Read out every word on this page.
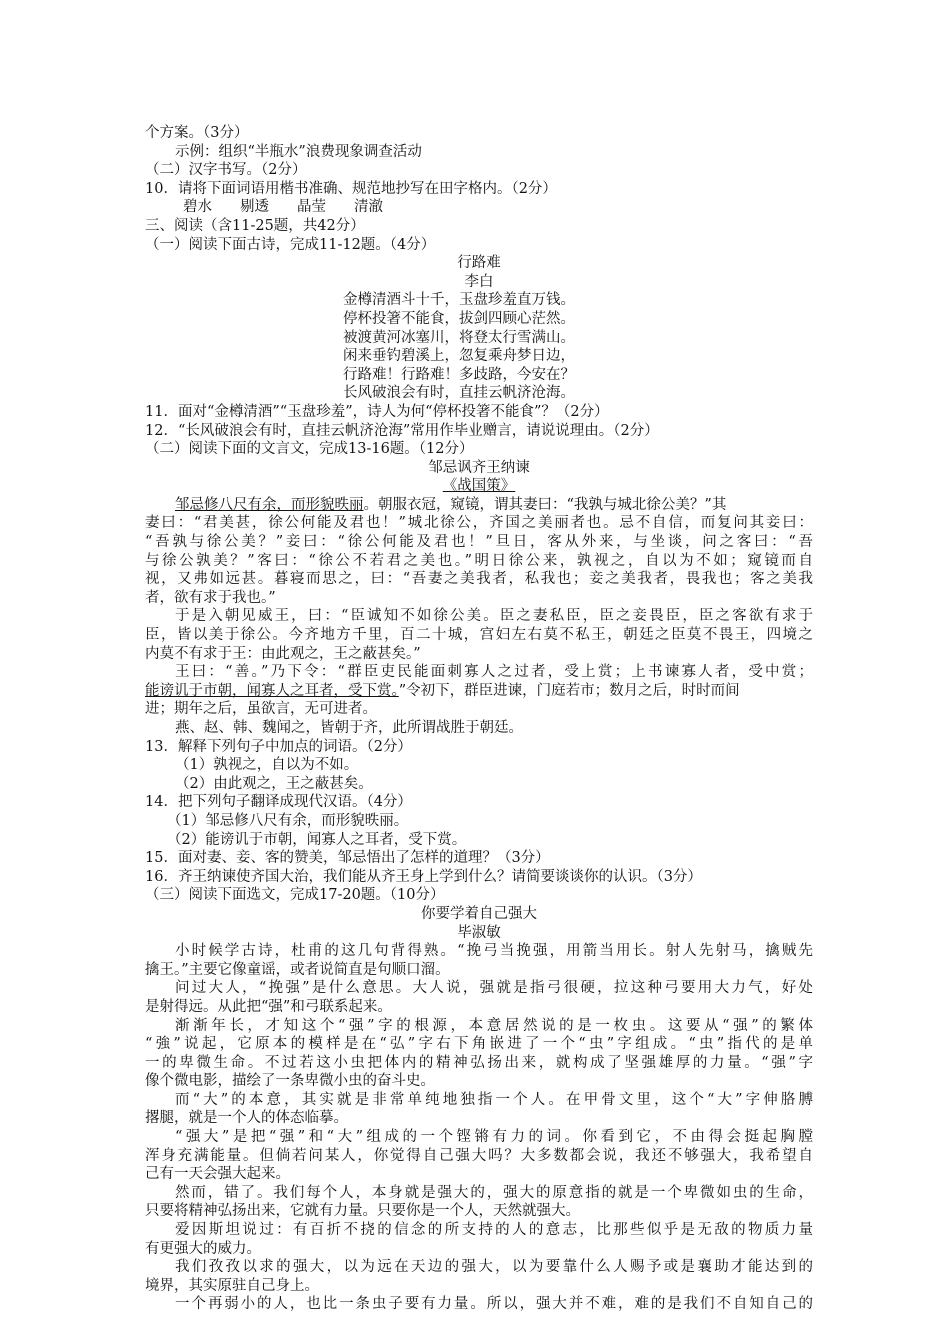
个方案。（3分）
示例：组织“半瓶水”浪费现象调查活动
（二）汉字书写。（2分）
10．请将下面词语用楷书准确、规范地抄写在田字格内。（2分）
碧水 剔透 晶莹 清澈
三、阅读（含11-25题，共42分）
（一）阅读下面古诗，完成11-12题。（4分）
行路难
李白
金樽清酒斗十千，玉盘珍羞直万钱。
停杯投箸不能食，拔剑四顾心茫然。
被渡黄河冰塞川，将登太行雪满山。
闲来垂钓碧溪上，忽复乘舟梦日边，
行路难！行路难！多歧路，今安在？
长风破浪会有时，直挂云帆济沧海。
11．面对“金樽清酒”“玉盘珍羞”，诗人为何“停杯投箸不能食”？（2分）
12．“长风破浪会有时，直挂云帆济沧海”常用作毕业赠言，请说说理由。（2分）
（二）阅读下面的文言文，完成13-16题。（12分）
邹忌讽齐王纳谏
《战国策》
邹忌修八尺有余，而形貌昳丽。朝服衣冠，窥镜，谓其妻曰：“我孰与城北徐公美？”其
妻曰：“君美甚，徐公何能及君也！”城北徐公，齐国之美丽者也。忌不自信，而复问其妾曰：
“吾孰与徐公美？”妾曰：“徐公何能及君也！”旦日，客从外来，与坐谈，问之客曰：“吾
与徐公孰美？”客曰：“徐公不若君之美也。”明日徐公来，孰视之，自以为不如；窥镜而自
视，又弗如远甚。暮寝而思之，曰：“吾妻之美我者，私我也；妾之美我者，畏我也；客之美我
者，欲有求于我也。”
于是入朝见威王，曰：“臣诚知不如徐公美。臣之妻私臣，臣之妾畏臣，臣之客欲有求于
臣，皆以美于徐公。今齐地方千里，百二十城，宫妇左右莫不私王，朝廷之臣莫不畏王，四境之
内莫不有求于王：由此观之，王之蔽甚矣。”
王曰：“善。”乃下令：“群臣吏民能面刺寡人之过者，受上赏；上书谏寡人者，受中赏；
能谤讥于市朝，闻寡人之耳者，受下赏。”令初下，群臣进谏，门庭若市；数月之后，时时而间
进；期年之后，虽欲言，无可进者。
燕、赵、韩、魏闻之，皆朝于齐，此所谓战胜于朝廷。
13．解释下列句子中加点的词语。（2分）
（1）孰视之，自以为不如。
（2）由此观之，王之蔽甚矣。
14．把下列句子翻译成现代汉语。（4分）
（1）邹忌修八尺有余，而形貌昳丽。
（2）能谤讥于市朝，闻寡人之耳者，受下赏。
15．面对妻、妾、客的赞美，邹忌悟出了怎样的道理？（3分）
16．齐王纳谏使齐国大治，我们能从齐王身上学到什么？请简要谈谈你的认识。（3分）
（三）阅读下面选文，完成17-20题。（10分）
你要学着自己强大
毕淑敏
小时候学古诗，杜甫的这几句背得熟。“挽弓当挽强，用箭当用长。射人先射马，擒贼先
擒王。”主要它像童谣，或者说简直是句顺口溜。
问过大人，“挽强”是什么意思。大人说，强就是指弓很硬，拉这种弓要用大力气，好处
是射得远。从此把“强”和弓联系起来。
渐渐年长，才知这个“强”字的根源，本意居然说的是一枚虫。这要从“强”的繁体
“強”说起，它原本的模样是在“弘”字右下角嵌进了一个“虫”字组成。“虫”指代的是单
一的卑微生命。不过若这小虫把体内的精神弘扬出来，就构成了坚强雄厚的力量。“强”字
像个微电影，描绘了一条卑微小虫的奋斗史。
而“大”的本意，其实就是非常单纯地独指一个人。在甲骨文里，这个“大”字伸胳膊
撂腿，就是一个人的体态临摹。
“强大”是把“强”和“大”组成的一个铿锵有力的词。你看到它，不由得会挺起胸膛
浑身充满能量。但倘若问某人，你觉得自己强大吗？大多数都会说，我还不够强大，我希望自
己有一天会强大起来。
然而，错了。我们每个人，本身就是强大的，强大的原意指的就是一个卑微如虫的生命，
只要将精神弘扬出来，它就有力量。只要你是一个人，天然就强大。
爱因斯坦说过：有百折不挠的信念的所支持的人的意志，比那些似乎是无敌的物质力量
有更强大的威力。
我们孜孜以求的强大，以为远在天边的强大，以为要靠什么人赐予或是襄助才能达到的
境界，其实原驻自己身上。
一个再弱小的人，也比一条虫子要有力量。所以，强大并不难，难的是我们不自知自己的
